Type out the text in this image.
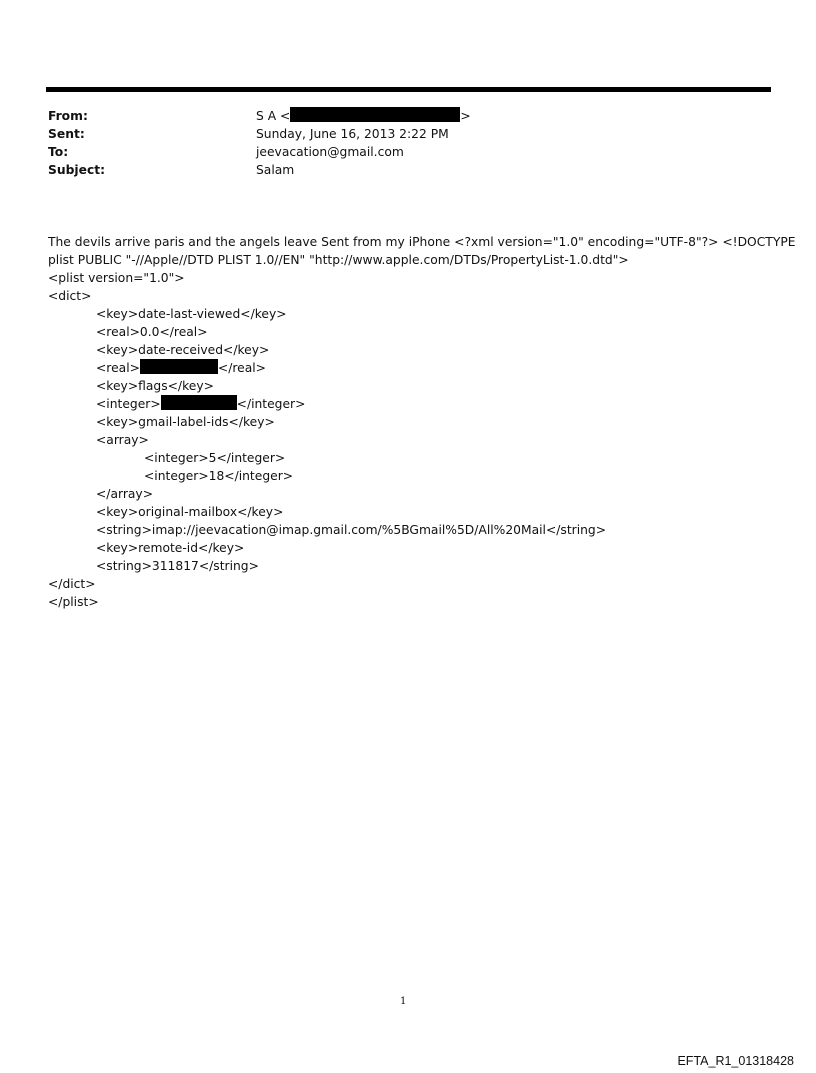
From:	S A <	>
Sent:	Sunday, June 16, 2013 2:22 PM
To:	jeevacation@gmail.com
Subject:	Salam
The devils arrive paris and the angels leave Sent from my iPhone <?xml version="1.0" encoding="UTF-8"?> <!DOCTYPE
plist PUBLIC "-//Apple//DTD PLIST 1.0//EN" "http://www.apple.com/DTDs/PropertyList-1.0.dtd">
<plist version="1.0">
<dict>
<key>date-last-viewed</key>
<real>0.0</real>
<key>date-received</key>
<real>	</real>
<key>flags</key>
<integer>	</integer>
<key>gmail-label-ids</key>
<array>
<integer>5</integer>
<integer>18</integer>
</array>
<key>original-mailbox</key>
<string>imap://jeevacation@imap.gmail.com/%5BGmail%5D/All%20Mail</string>
<key>remote-id</key>
<string>311817</string>
</dict>
</plist>
1
EFTA_R1_01318428
